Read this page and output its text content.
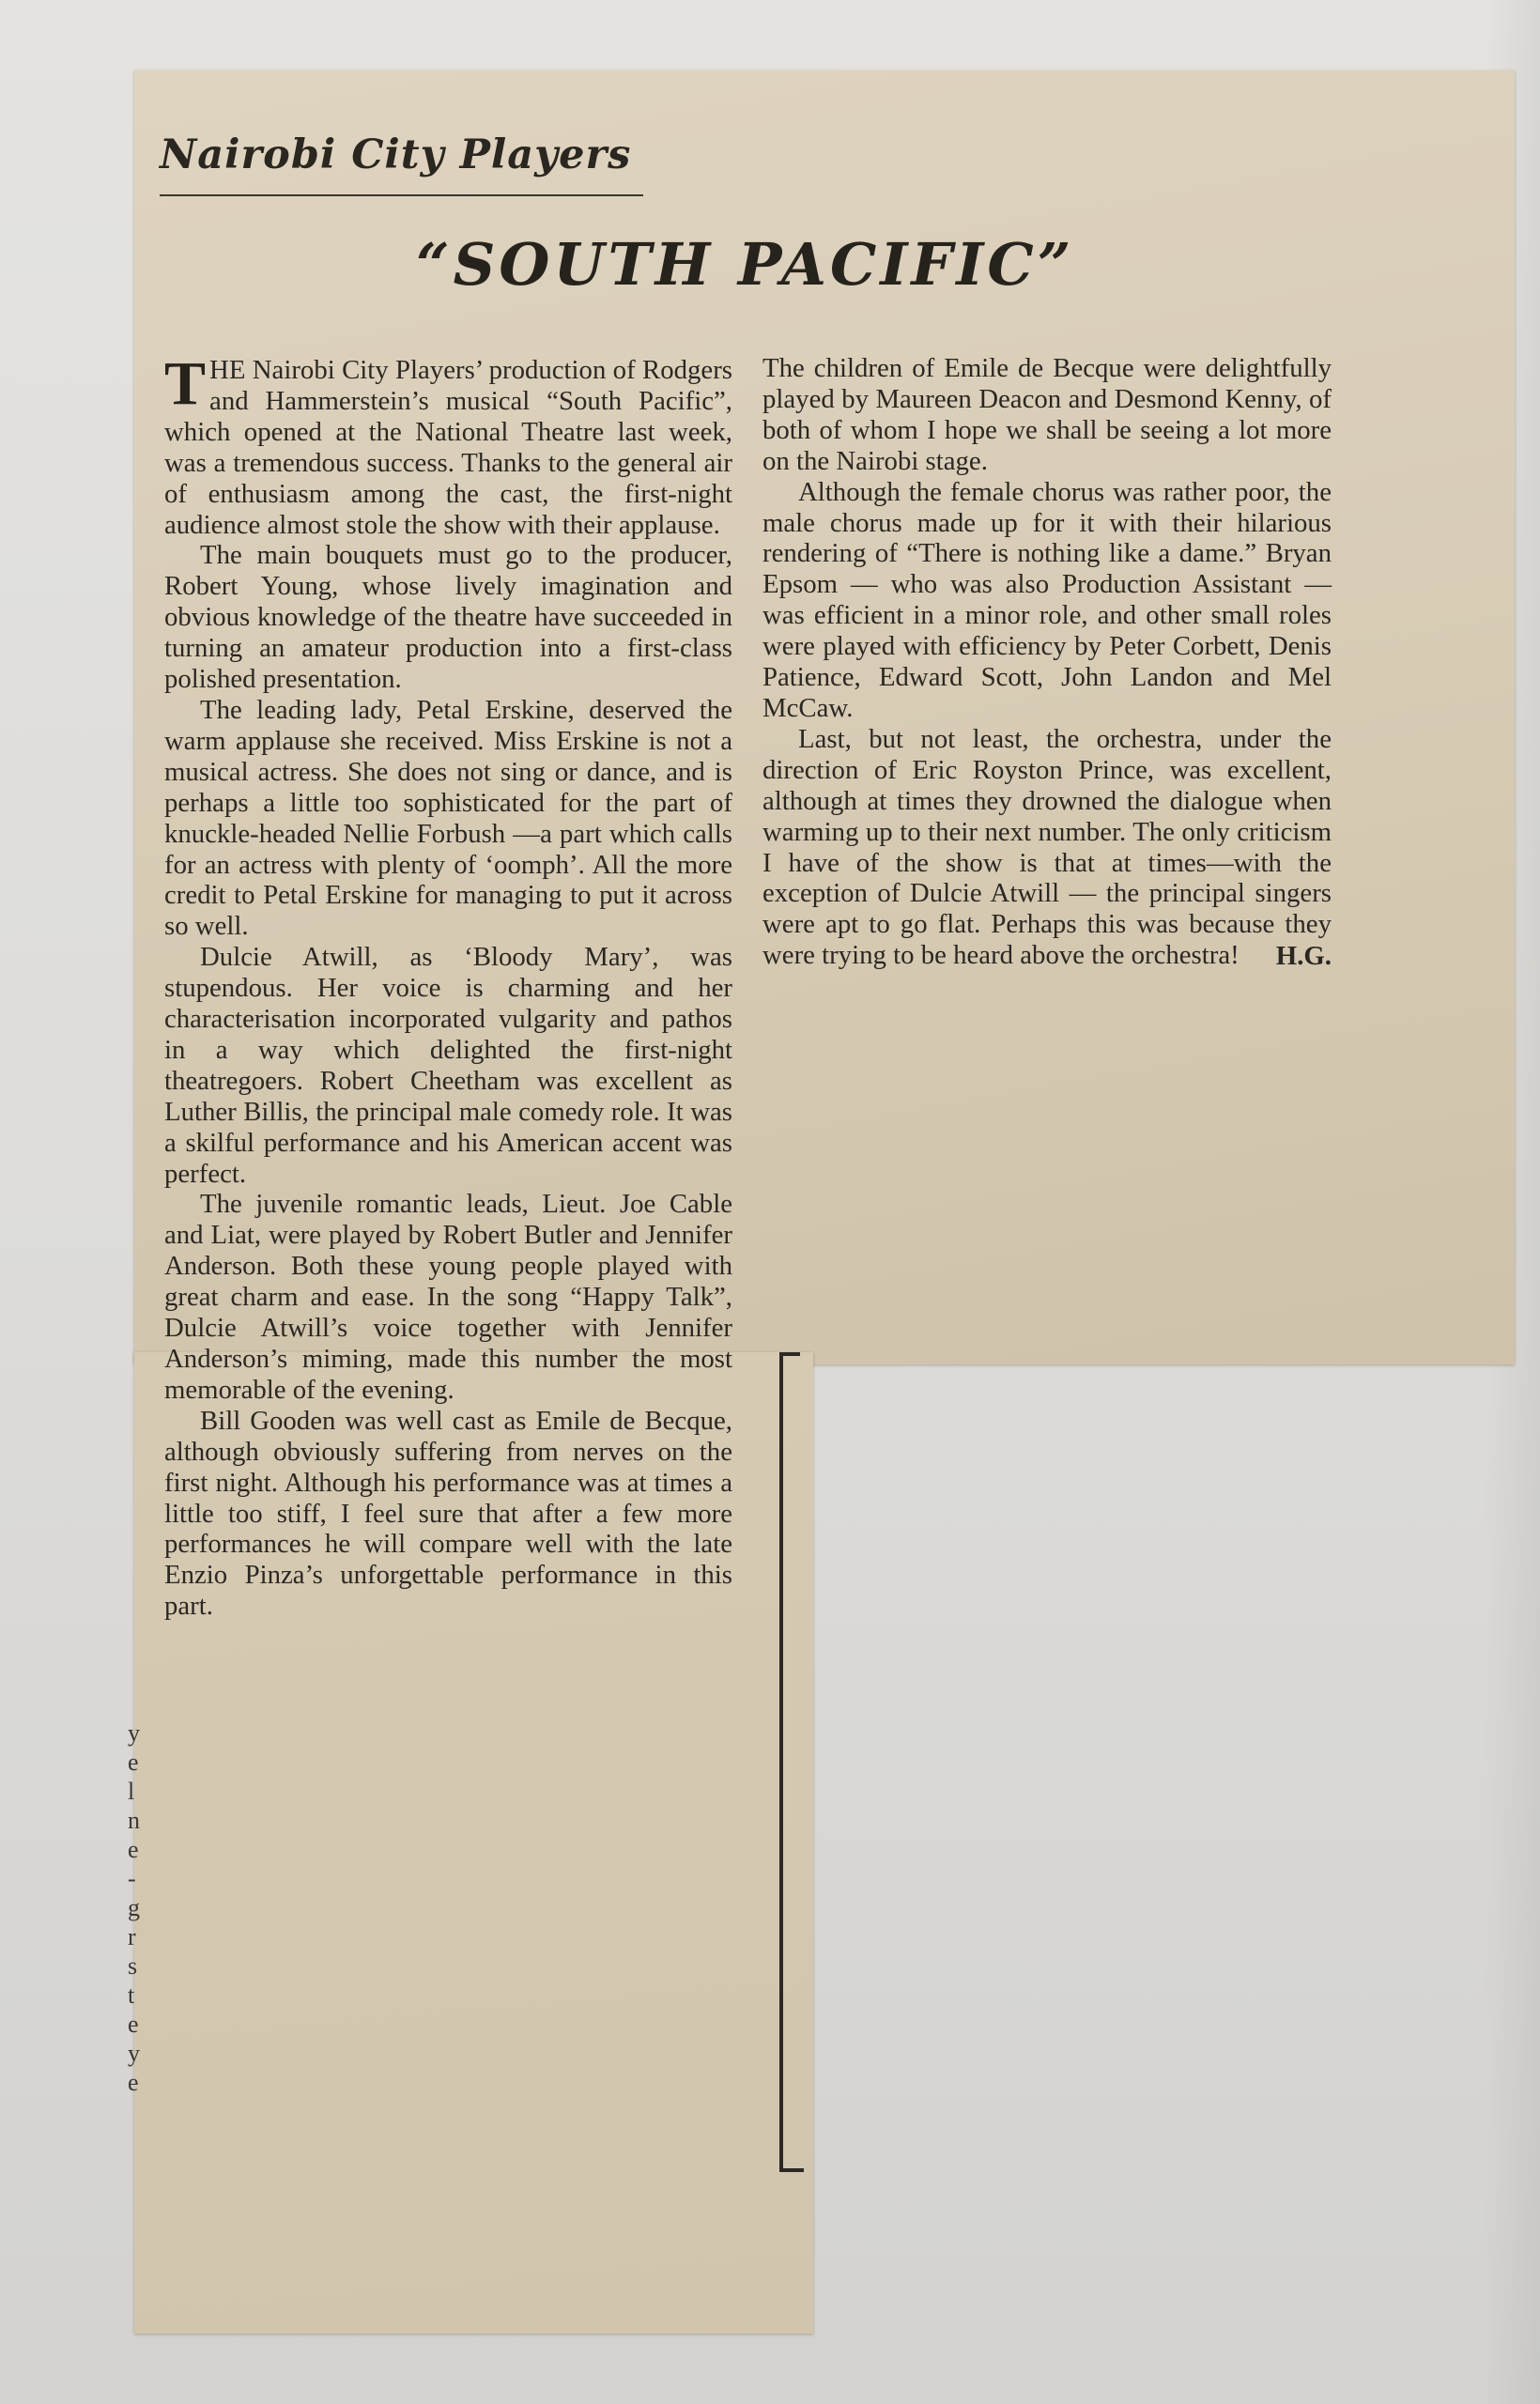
y
e
l
n
e
-
g
r
s
t
e
y
e
Nairobi City Players
“SOUTH PACIFIC”

THE Nairobi City Players’ production of Rodgers and Hammerstein’s musical “South Pacific”, which opened at the National Theatre last week, was a tremendous success. Thanks to the general air of enthusiasm among the cast, the first-night audience almost stole the show with their applause.

The main bouquets must go to the producer, Robert Young, whose lively imagination and obvious knowledge of the theatre have succeeded in turning an amateur production into a first-class polished presentation.

The leading lady, Petal Erskine, deserved the warm applause she received. Miss Erskine is not a musical actress. She does not sing or dance, and is perhaps a little too sophisticated for the part of knuckle-headed Nellie Forbush —a part which calls for an actress with plenty of ‘oomph’. All the more credit to Petal Erskine for managing to put it across so well.

Dulcie Atwill, as ‘Bloody Mary’, was stupendous. Her voice is charming and her characterisation incorporated vulgarity and pathos in a way which delighted the first-night theatregoers. Robert Cheetham was excellent as Luther Billis, the principal male comedy role. It was a skilful performance and his American accent was perfect.

The juvenile romantic leads, Lieut. Joe Cable and Liat, were played by Robert Butler and Jennifer Anderson. Both these young people played with great charm and ease. In the song “Happy Talk”, Dulcie Atwill’s voice together with Jennifer Anderson’s miming, made this number the most memorable of the evening.

Bill Gooden was well cast as Emile de Becque, although obviously suffering from nerves on the first night. Although his performance was at times a little too stiff, I feel sure that after a few more performances he will compare well with the late Enzio Pinza’s unforgettable performance in this part.

The children of Emile de Becque were delightfully played by Maureen Deacon and Desmond Kenny, of both of whom I hope we shall be seeing a lot more on the Nairobi stage.

Although the female chorus was rather poor, the male chorus made up for it with their hilarious rendering of “There is nothing like a dame.” Bryan Epsom — who was also Production Assistant — was efficient in a minor role, and other small roles were played with efficiency by Peter Corbett, Denis Patience, Edward Scott, John Landon and Mel McCaw.

Last, but not least, the orchestra, under the direction of Eric Royston Prince, was excellent, although at times they drowned the dialogue when warming up to their next number. The only criticism I have of the show is that at times—with the exception of Dulcie Atwill — the principal singers were apt to go flat. Perhaps this was because they were trying to be heard above the orchestra!	H.G.
